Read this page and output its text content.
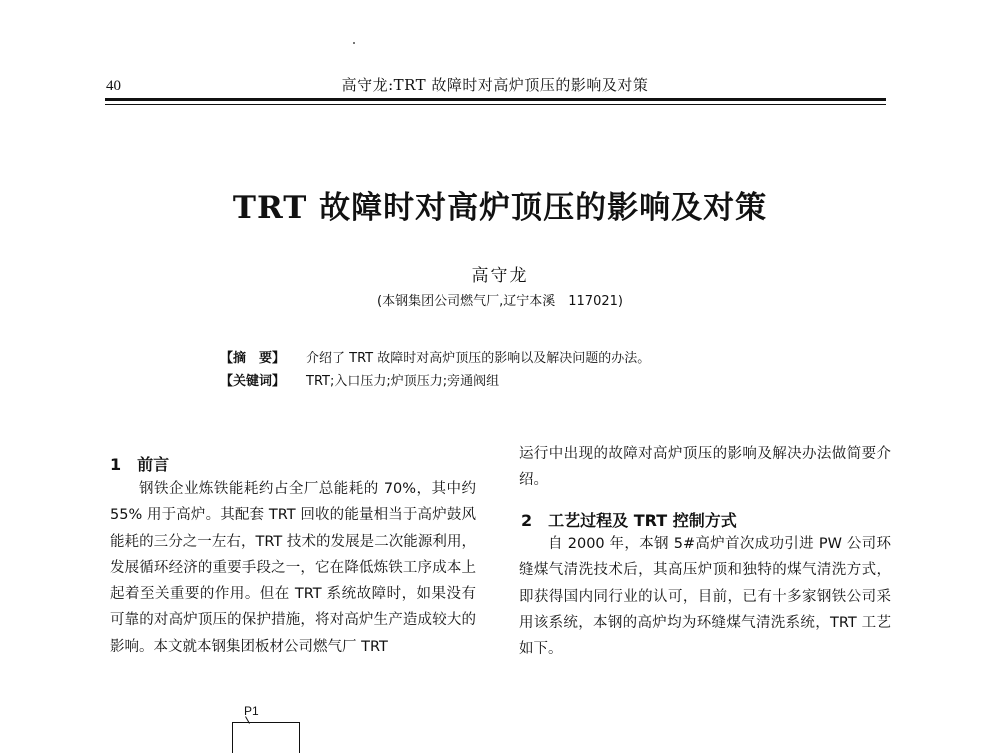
40	高守龙:TRT 故障时对高炉顶压的影响及对策
TRT 故障时对高炉顶压的影响及对策
高守龙
(本钢集团公司燃气厂,辽宁本溪　117021)
【摘　要】 介绍了 TRT 故障时对高炉顶压的影响以及解决问题的办法。
【关键词】 TRT;入口压力;炉顶压力;旁通阀组
1　前言

钢铁企业炼铁能耗约占全厂总能耗的 70%，其中约 55% 用于高炉。其配套 TRT 回收的能量相当于高炉鼓风能耗的三分之一左右，TRT 技术的发展是二次能源利用，发展循环经济的重要手段之一，它在降低炼铁工序成本上起着至关重要的作用。但在 TRT 系统故障时，如果没有可靠的对高炉顶压的保护措施，将对高炉生产造成较大的影响。本文就本钢集团板材公司燃气厂 TRT

运行中出现的故障对高炉顶压的影响及解决办法做简要介绍。

2　工艺过程及 TRT 控制方式

自 2000 年，本钢 5#高炉首次成功引进 PW 公司环缝煤气清洗技术后，其高压炉顶和独特的煤气清洗方式，即获得国内同行业的认可，目前，已有十多家钢铁公司采用该系统，本钢的高炉均为环缝煤气清洗系统，TRT 工艺如下。

P1
